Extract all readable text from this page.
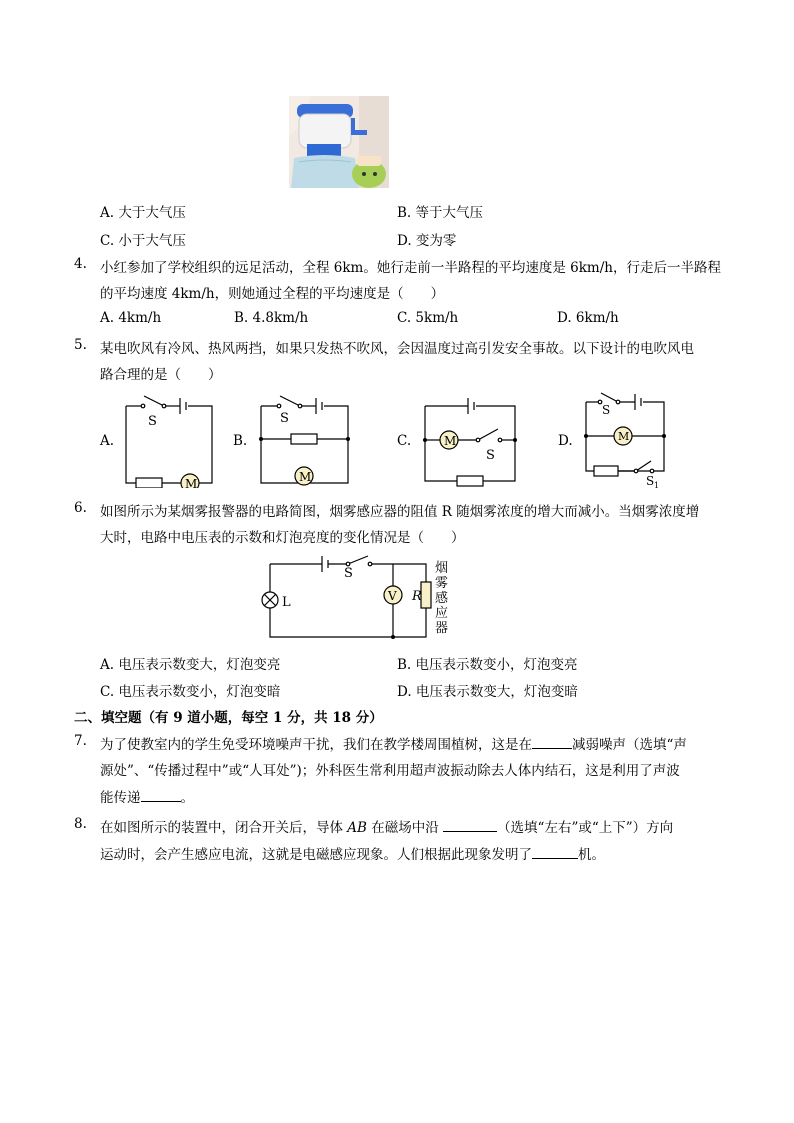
A. 大于大气压	B. 等于大气压
C. 小于大气压	D. 变为零
4. 小红参加了学校组织的远足活动，全程 6km。她行走前一半路程的平均速度是 6km/h，行走后一半路程
的平均速度 4km/h，则她通过全程的平均速度是（　　）
A. 4km/h	B. 4.8km/h	C. 5km/h	D. 6km/h
5. 某电吹风有冷风、热风两挡，如果只发热不吹风，会因温度过高引发安全事故。以下设计的电吹风电
路合理的是（　　）
A.	B.	C.	D.
S
M
S
M
M
S
S
M
S 1
6. 如图所示为某烟雾报警器的电路简图，烟雾感应器的阻值 R 随烟雾浓度的增大而减小。当烟雾浓度增
大时，电路中电压表的示数和灯泡亮度的变化情况是（　　）
S
L	V R
烟
雾
感
应
器
A. 电压表示数变大，灯泡变亮	B. 电压表示数变小，灯泡变亮
C. 电压表示数变小，灯泡变暗	D. 电压表示数变大，灯泡变暗
二、填空题（有 9 道小题，每空 1 分，共 18 分）
7. 为了使教室内的学生免受环境噪声干扰，我们在教学楼周围植树，这是在	减弱噪声（选填“声
源处”、“传播过程中”或“人耳处”)；外科医生常利用超声波振动除去人体内结石，这是利用了声波
能传递	。
8. 在如图所示的装置中，闭合开关后，导体 AB 在磁场中沿	（选填“左右”或“上下”）方向
运动时，会产生感应电流，这就是电磁感应现象。人们根据此现象发明了	机。
